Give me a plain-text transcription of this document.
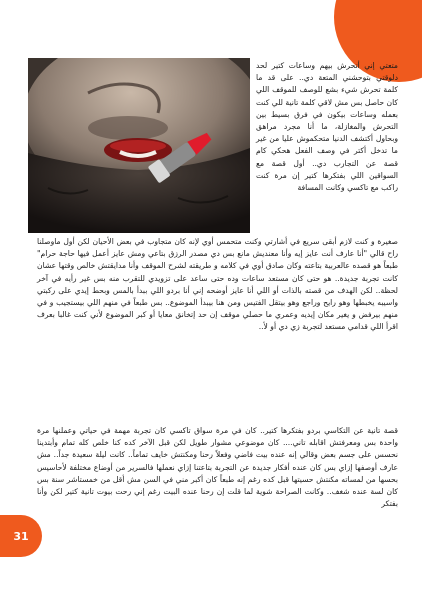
متعتي إني أتحرش بيهم وساعات كتير لحد دلوقتي بتوحشني المتعة دي.. على قد ما كلمة تحرش شيء بشع للوصف للموقف اللي كان حاصل بس مش لاقي كلمة تانية للي كنت بعمله وساعات بيكون في فرق بسيط بين التحرش والمغازلة، ما أنا مجرد مراهق وبحاول أكتشف الدنيا متحكموش عليا من غير ما تدخل أكتر في وصف الفعل هحكي كام قصة عن التجارب دي.. أول قصة مع السواقين اللي بفتكرها كتير إن مرة كنت راكب مع تاكسي وكانت المسافة

صغيرة و كنت لازم أبقى سريع في أشارتي وكنت متحمس أوي لإنه كان متجاوب في بعض الأحيان لكن أول ماوصلنا راح قالي "أنا عارف أنت عايز إيه وأنا معنديش مانع بس دي مصدر الرزق بتاعي ومش عايز أعمل فيها حاجة حرام" طبعاً هو قصده عالعربية بتاعته وكان صادق أوي في كلامه و طريقته لشرح الموقف وأنا مدايقتش خالص وقتها عشان كانت تجربة جديدة.. هو حتى كان مستعد ساعات وده حتى ساعد على تزويدي للتقرب منه بس غير رأيه في آخر لحظة.. لكن الهدف من قصته بالذات أو اللي أنا عايز أوضحه إني أنا بردو اللي ببدأ بالمس وبحط إيدي على ركبتي واسيبه يخبطها وهو رايح وراجع وهو بيتقل الفتيس ومن هنا بيبدأ الموضوع.. بس طبعاً في منهم اللي بيستجيب و في منهم بيرفض و يغير مكان إيديه وعمري ما حصلي موقف إن حد إتخانق معايا أو كبر الموضوع لأني كنت غالبا بعرف اقرأ اللي قدامي مستعد لتجربة زي دي أو لأ..

قصة تانية عن التكاسي بردو بفتكرها كتير.. كان في مرة سواق تاكسي كان تجربة مهمة في حياتي وعملنها مرة واحدة بس ومعرفتش اقابله تاني.... كان موضوعي مشوار طويل لكن قبل الآخر كده كنا خلص كله تمام وأبتدينا نحسس على جسم بعض وقالي إنه عنده بيت فاضي وفعلاً رحنا ومكنتش خايف تماماً.. كانت ليلة سعيدة جداً.. مش عارف أوصفها إزاي بس كان عنده أفكار جديدة عن التجربة بتاعتنا إزاي نعملها فالسرير من أوضاع مختلفة لأحاسيس بحسها من لمساته مكنتش حسيتها قبل كده رغم إنه طبعاً كان أكبر مني في السن مش أقل من خمستاشر سنة بس كان لسة عنده شغف.. وكانت الصراحة شوية لما قلت إن رحنا عنده البيت رغم إني رحت بيوت تانية كتير لكن وأنا بفتكر

31
